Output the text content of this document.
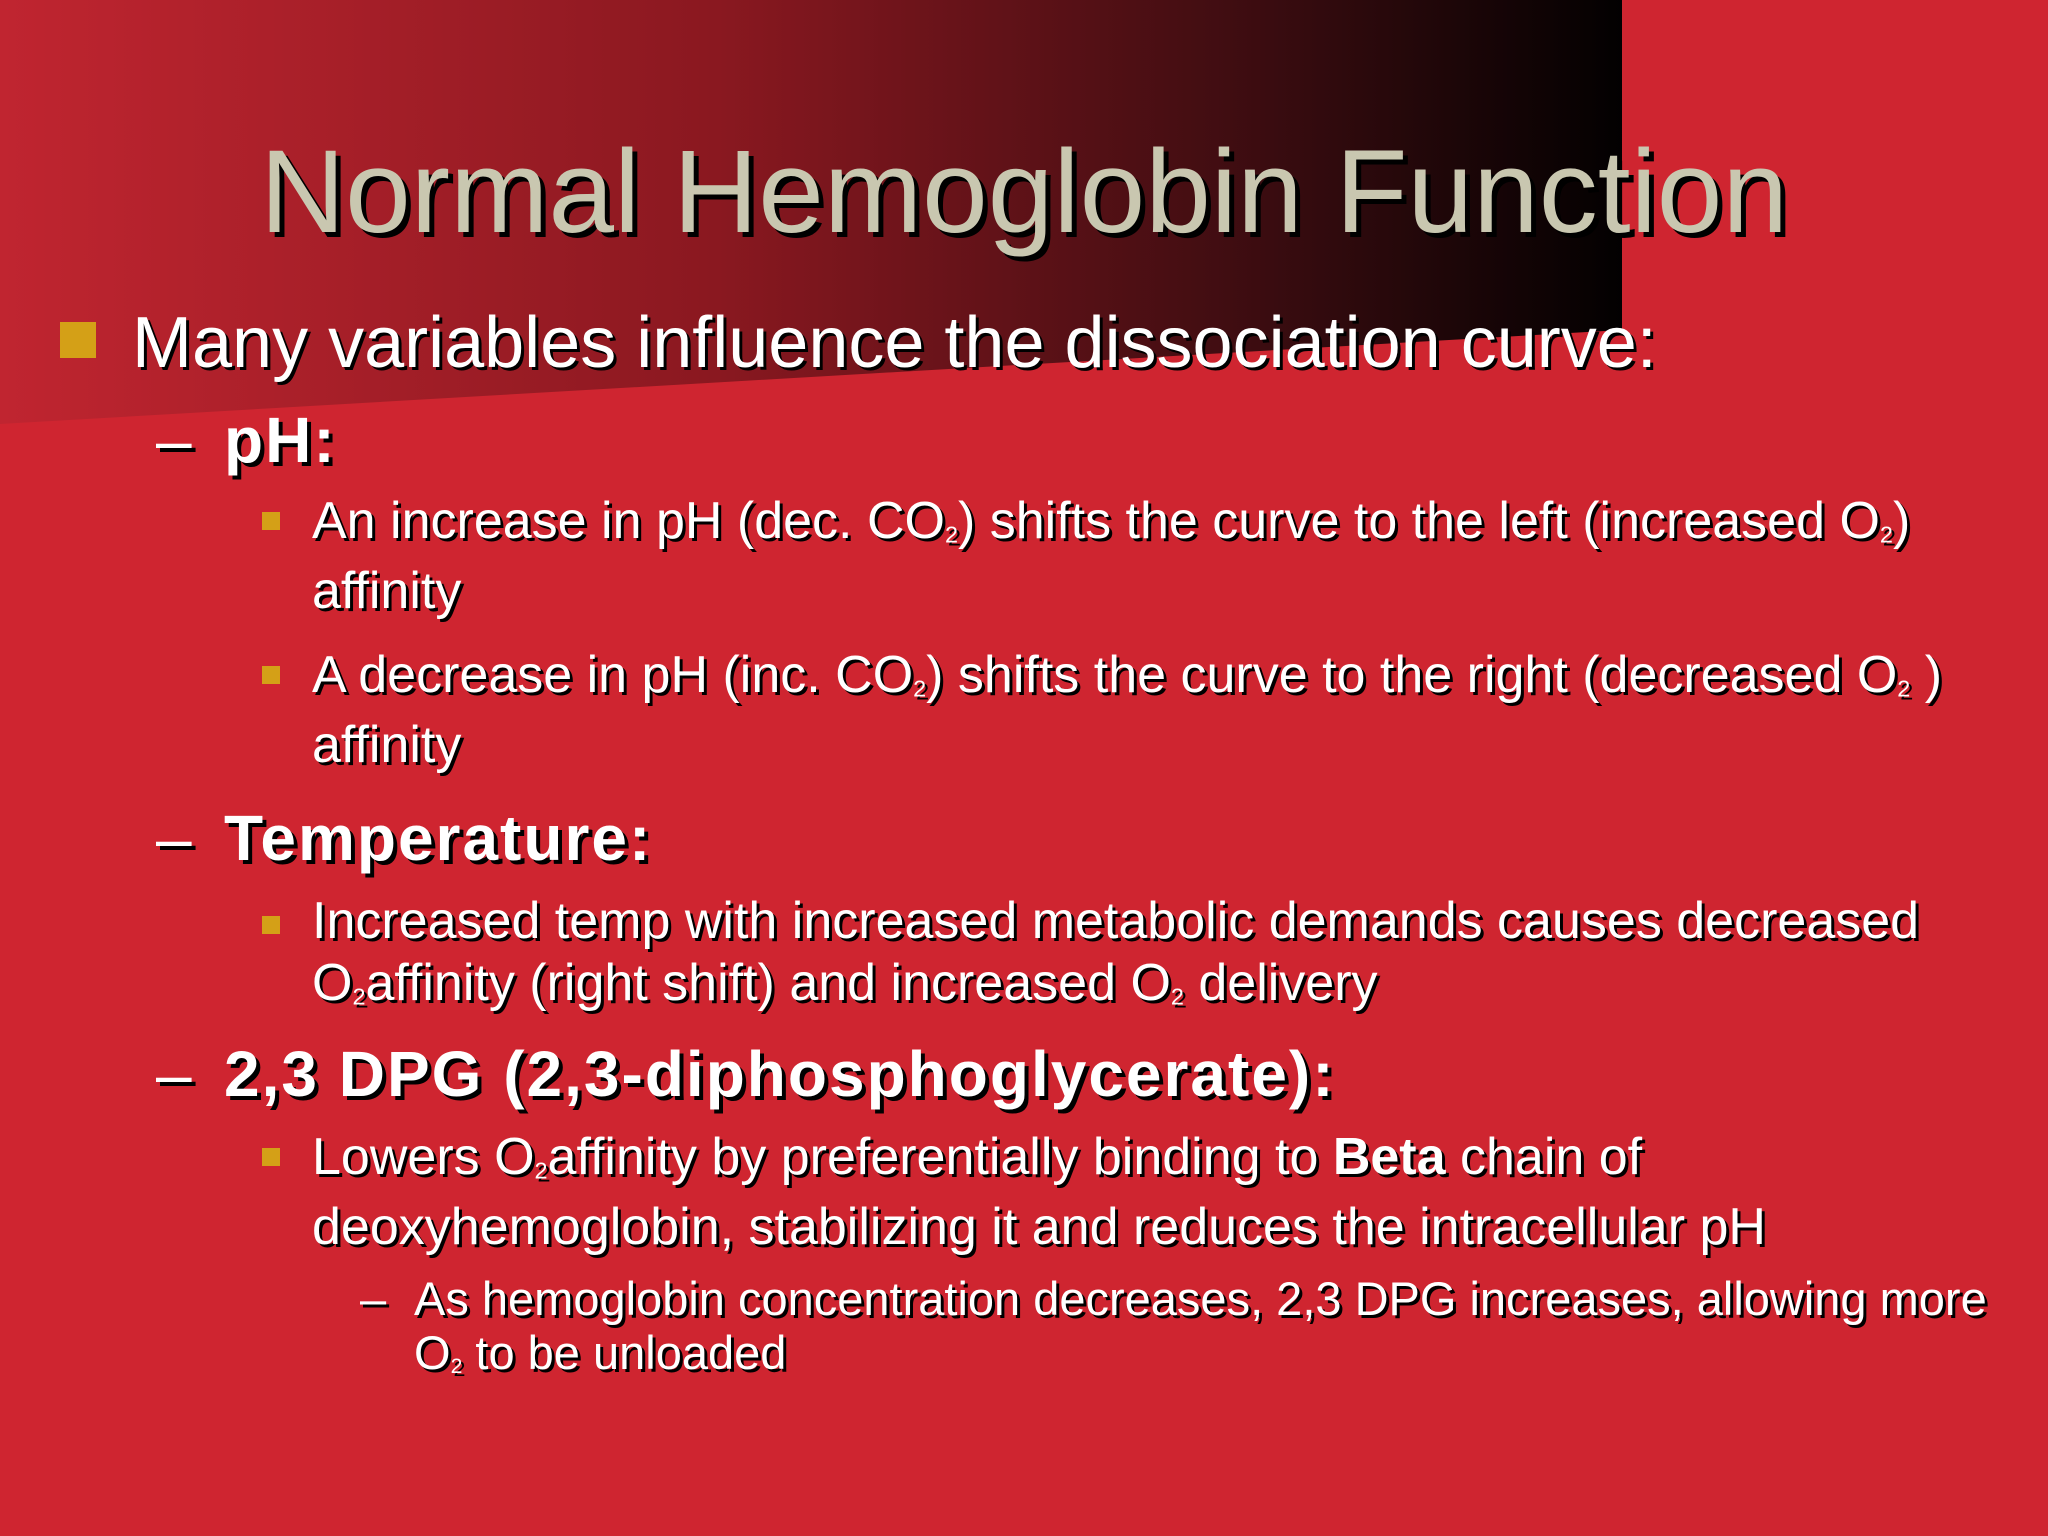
Normal Hemoglobin Function
Many variables influence the dissociation curve:
– pH:
An increase in pH (dec. $CO_2$) shifts the curve to the left (increased $O_2$) affinity
A decrease in pH (inc. $CO_2$) shifts the curve to the right (decreased $O_2$ ) affinity
– Temperature:
Increased temp with increased metabolic demands causes decreased $O_2affinity$ (right shift) and increased $O_2$ delivery
– 2,3 DPG (2,3-diphosphoglycerate):
Lowers $O_2affinity$ by preferentially binding to Beta chain of deoxyhemoglobin, stabilizing it and reduces the intracellular pH
– As hemoglobin concentration decreases, 2,3 DPG increases, allowing more $O_2$ to be unloaded
